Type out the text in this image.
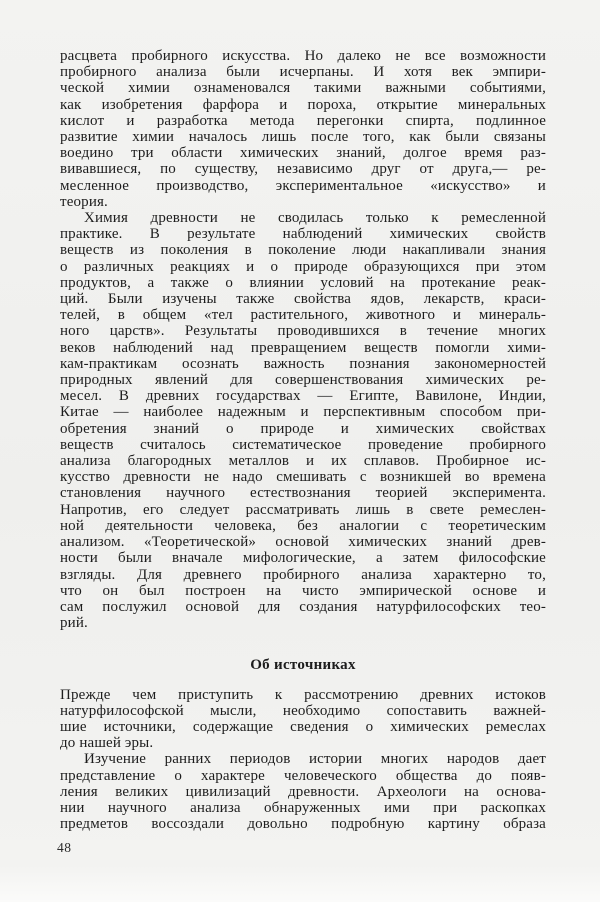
расцвета пробирного искусства. Но далеко не все возможности
пробирного анализа были исчерпаны. И хотя век эмпири-
ческой химии ознаменовался такими важными событиями,
как изобретения фарфора и пороха, открытие минеральных
кислот и разработка метода перегонки спирта, подлинное
развитие химии началось лишь после того, как были связаны
воедино три области химических знаний, долгое время раз-
вивавшиеся, по существу, независимо друг от друга,— ре-
месленное производство, экспериментальное «искусство» и
теория.
Химия древности не сводилась только к ремесленной
практике. В результате наблюдений химических свойств
веществ из поколения в поколение люди накапливали знания
о различных реакциях и о природе образующихся при этом
продуктов, а также о влиянии условий на протекание реак-
ций. Были изучены также свойства ядов, лекарств, краси-
телей, в общем «тел растительного, животного и минераль-
ного царств». Результаты проводившихся в течение многих
веков наблюдений над превращением веществ помогли хими-
кам-практикам осознать важность познания закономерностей
природных явлений для совершенствования химических ре-
месел. В древних государствах — Египте, Вавилоне, Индии,
Китае — наиболее надежным и перспективным способом при-
обретения знаний о природе и химических свойствах
веществ считалось систематическое проведение пробирного
анализа благородных металлов и их сплавов. Пробирное ис-
кусство древности не надо смешивать с возникшей во времена
становления научного естествознания теорией эксперимента.
Напротив, его следует рассматривать лишь в свете ремеслен-
ной деятельности человека, без аналогии с теоретическим
анализом. «Теоретической» основой химических знаний древ-
ности были вначале мифологические, а затем философские
взгляды. Для древнего пробирного анализа характерно то,
что он был построен на чисто эмпирической основе и
сам послужил основой для создания натурфилософских тео-
рий.
Об источниках
Прежде чем приступить к рассмотрению древних истоков
натурфилософской мысли, необходимо сопоставить важней-
шие источники, содержащие сведения о химических ремеслах
до нашей эры.
Изучение ранних периодов истории многих народов дает
представление о характере человеческого общества до появ-
ления великих цивилизаций древности. Археологи на основа-
нии научного анализа обнаруженных ими при раскопках
предметов воссоздали довольно подробную картину образа
48
